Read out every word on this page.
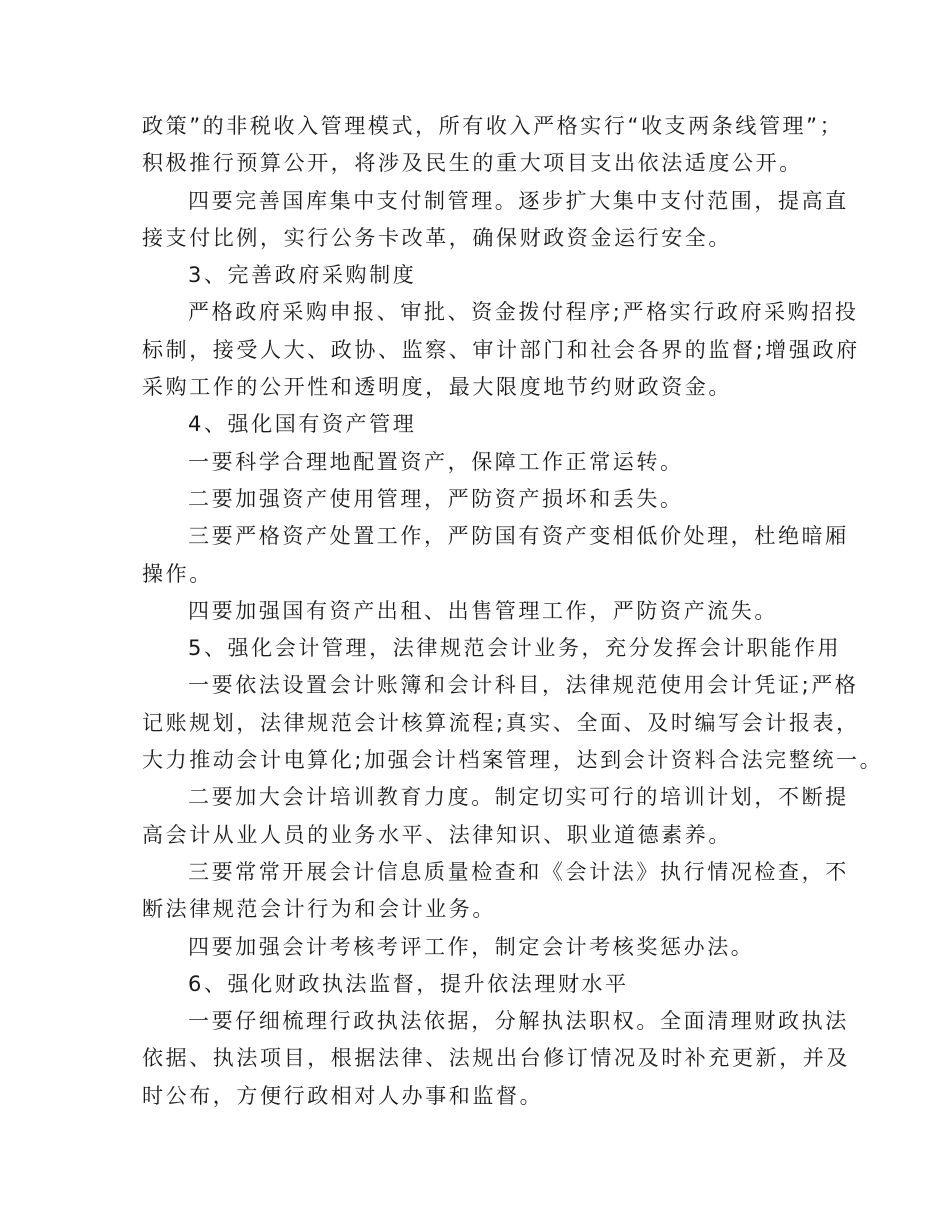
政策”的非税收入管理模式，所有收入严格实行“收支两条线管理”；
积极推行预算公开，将涉及民生的重大项目支出依法适度公开。
四要完善国库集中支付制管理。逐步扩大集中支付范围，提高直
接支付比例，实行公务卡改革，确保财政资金运行安全。
3、完善政府采购制度
严格政府采购申报、审批、资金拨付程序;严格实行政府采购招投
标制，接受人大、政协、监察、审计部门和社会各界的监督;增强政府
采购工作的公开性和透明度，最大限度地节约财政资金。
4、强化国有资产管理
一要科学合理地配置资产，保障工作正常运转。
二要加强资产使用管理，严防资产损坏和丢失。
三要严格资产处置工作，严防国有资产变相低价处理，杜绝暗厢
操作。
四要加强国有资产出租、出售管理工作，严防资产流失。
5、强化会计管理，法律规范会计业务，充分发挥会计职能作用
一要依法设置会计账簿和会计科目，法律规范使用会计凭证;严格
记账规划，法律规范会计核算流程;真实、全面、及时编写会计报表，
大力推动会计电算化;加强会计档案管理，达到会计资料合法完整统一。
二要加大会计培训教育力度。制定切实可行的培训计划，不断提
高会计从业人员的业务水平、法律知识、职业道德素养。
三要常常开展会计信息质量检查和《会计法》执行情况检查，不
断法律规范会计行为和会计业务。
四要加强会计考核考评工作，制定会计考核奖惩办法。
6、强化财政执法监督，提升依法理财水平
一要仔细梳理行政执法依据，分解执法职权。全面清理财政执法
依据、执法项目，根据法律、法规出台修订情况及时补充更新，并及
时公布，方便行政相对人办事和监督。
